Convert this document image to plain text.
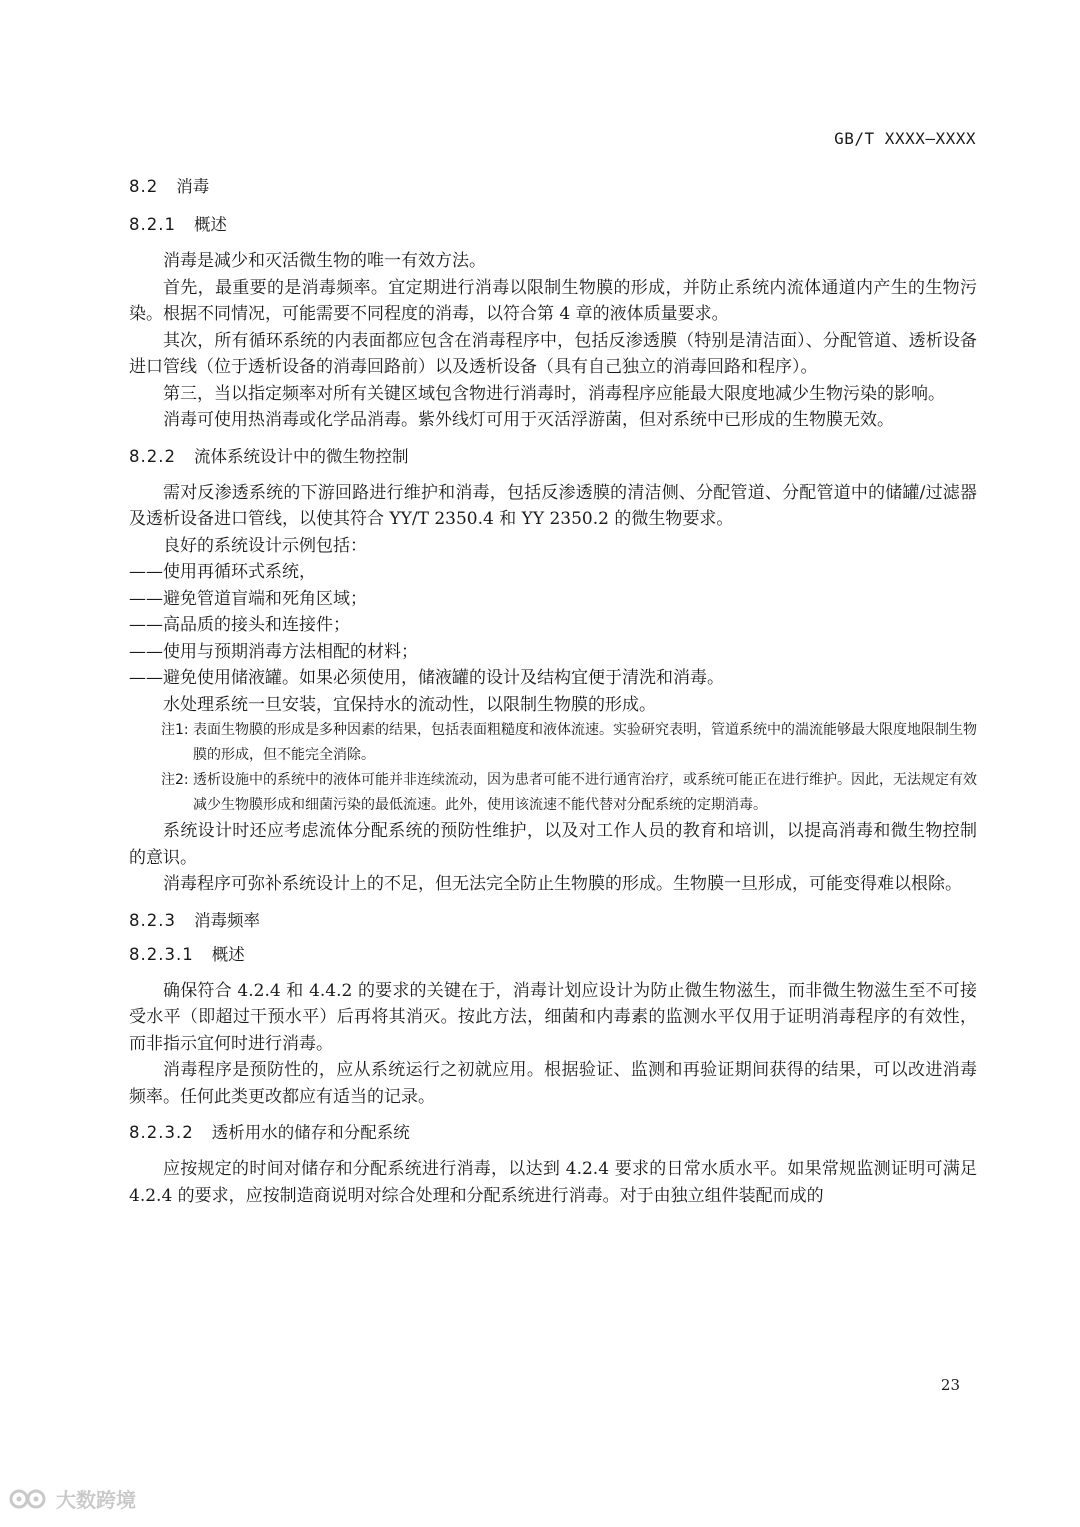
GB/T XXXX—XXXX
8.2 消毒
8.2.1 概述

消毒是减少和灭活微生物的唯一有效方法。

首先，最重要的是消毒频率。宜定期进行消毒以限制生物膜的形成，并防止系统内流体通道内产生的生物污染。根据不同情况，可能需要不同程度的消毒，以符合第 4 章的液体质量要求。

其次，所有循环系统的内表面都应包含在消毒程序中，包括反渗透膜（特别是清洁面）、分配管道、透析设备进口管线（位于透析设备的消毒回路前）以及透析设备（具有自己独立的消毒回路和程序）。

第三，当以指定频率对所有关键区域包含物进行消毒时，消毒程序应能最大限度地减少生物污染的影响。

消毒可使用热消毒或化学品消毒。紫外线灯可用于灭活浮游菌，但对系统中已形成的生物膜无效。

8.2.2 流体系统设计中的微生物控制

需对反渗透系统的下游回路进行维护和消毒，包括反渗透膜的清洁侧、分配管道、分配管道中的储罐/过滤器及透析设备进口管线，以使其符合 YY/T 2350.4 和 YY 2350.2 的微生物要求。

良好的系统设计示例包括：

——使用再循环式系统，

——避免管道盲端和死角区域；

——高品质的接头和连接件；

——使用与预期消毒方法相配的材料；

——避免使用储液罐。如果必须使用，储液罐的设计及结构宜便于清洗和消毒。

水处理系统一旦安装，宜保持水的流动性，以限制生物膜的形成。

注1: 表面生物膜的形成是多种因素的结果，包括表面粗糙度和液体流速。实验研究表明，管道系统中的湍流能够最大限度地限制生物膜的形成，但不能完全消除。
注2: 透析设施中的系统中的液体可能并非连续流动，因为患者可能不进行通宵治疗，或系统可能正在进行维护。因此，无法规定有效减少生物膜形成和细菌污染的最低流速。此外，使用该流速不能代替对分配系统的定期消毒。

系统设计时还应考虑流体分配系统的预防性维护，以及对工作人员的教育和培训，以提高消毒和微生物控制的意识。

消毒程序可弥补系统设计上的不足，但无法完全防止生物膜的形成。生物膜一旦形成，可能变得难以根除。

8.2.3 消毒频率
8.2.3.1 概述

确保符合 4.2.4 和 4.4.2 的要求的关键在于，消毒计划应设计为防止微生物滋生，而非微生物滋生至不可接受水平（即超过干预水平）后再将其消灭。按此方法，细菌和内毒素的监测水平仅用于证明消毒程序的有效性，而非指示宜何时进行消毒。

消毒程序是预防性的，应从系统运行之初就应用。根据验证、监测和再验证期间获得的结果，可以改进消毒频率。任何此类更改都应有适当的记录。

8.2.3.2 透析用水的储存和分配系统

应按规定的时间对储存和分配系统进行消毒，以达到 4.2.4 要求的日常水质水平。如果常规监测证明可满足 4.2.4 的要求，应按制造商说明对综合处理和分配系统进行消毒。对于由独立组件装配而成的

23
大数跨境
